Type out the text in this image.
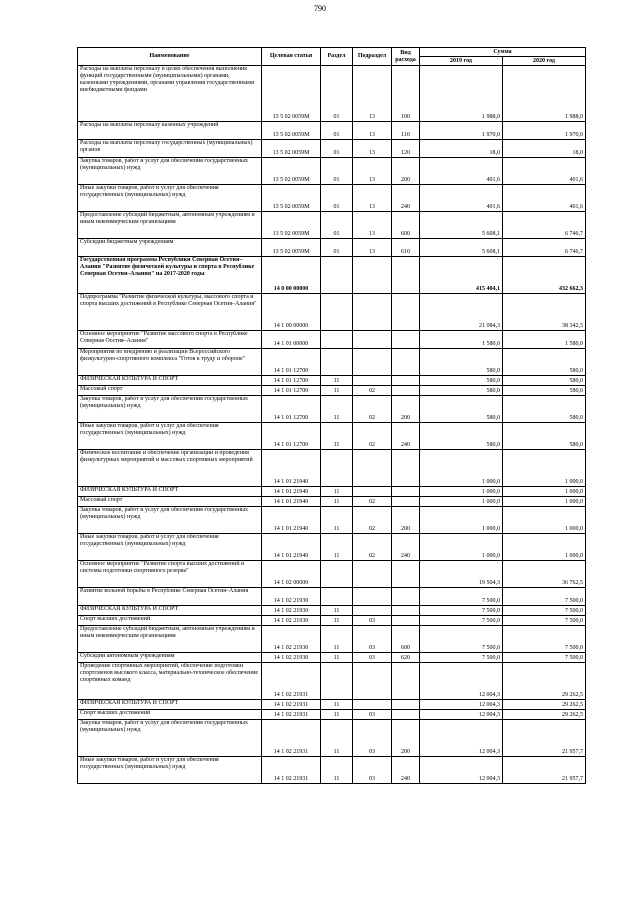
790
Наименование	Целевая статья	Раздел	Подраздел	Вид расхода	Сумма	
					2019 год	2020 год
Расходы на выплаты персоналу в целях обеспечения выполнения функций государственными (муниципальными) органами, казенными учреждениями, органами управления государственными внебюджетными фондами	13 5 02 0059М	01	13	100	1 988,0	1 988,0
Расходы на выплаты персоналу казенных учреждений	13 5 02 0059М	01	13	110	1 970,0	1 970,0
Расходы на выплаты персоналу государственных (муниципальных) органов	13 5 02 0059М	01	13	120	18,0	18,0
Закупка товаров, работ и услуг для обеспечения государственных (муниципальных) нужд	13 5 02 0059М	01	13	200	401,6	401,6
Иные закупки товаров, работ и услуг для обеспечения государственных (муниципальных) нужд	13 5 02 0059М	01	13	240	401,6	401,6
Предоставление субсидий бюджетным, автономным учреждениям и иным некоммерческим организациям	13 5 02 0059М	01	13	600	5 608,1	6 746,7
Субсидии бюджетным учреждениям	13 5 02 0059М	01	13	610	5 608,1	6 746,7
Государственная программа Республики Северная Осетия–Алания "Развитие физической культуры и спорта в Республике Северная Осетия–Алания" на 2017-2020 годы	14 0 00 00000				415 404,1	432 662,3
Подпрограмма "Развитие физической культуры, массового спорта и спорта высших достижений в Республике Северная Осетия–Алания"	14 1 00 00000				21 084,3	38 342,5
Основное мероприятие "Развитие массового спорта в Республике Северная Осетия–Алания"	14 1 01 00000				1 580,0	1 580,0
Мероприятия по внедрению и реализации Всероссийского физкультурно-спортивного комплекса "Готов к труду и обороне"	14 1 01 12700				580,0	580,0
ФИЗИЧЕСКАЯ КУЛЬТУРА И СПОРТ	14 1 01 12700	11			580,0	580,0
Массовый спорт	14 1 01 12700	11	02		580,0	580,0
Закупка товаров, работ и услуг для обеспечения государственных (муниципальных) нужд	14 1 01 12700	11	02	200	580,0	580,0
Иные закупки товаров, работ и услуг для обеспечения государственных (муниципальных) нужд	14 1 01 12700	11	02	240	580,0	580,0
Физическое воспитание и обеспечение организации и проведения физкультурных мероприятий и массовых спортивных мероприятий	14 1 01 21940				1 000,0	1 000,0
ФИЗИЧЕСКАЯ КУЛЬТУРА И СПОРТ	14 1 01 21940	11			1 000,0	1 000,0
Массовый спорт	14 1 01 21940	11	02		1 000,0	1 000,0
Закупка товаров, работ и услуг для обеспечения государственных (муниципальных) нужд	14 1 01 21940	11	02	200	1 000,0	1 000,0
Иные закупки товаров, работ и услуг для обеспечения государственных (муниципальных) нужд	14 1 01 21940	11	02	240	1 000,0	1 000,0
Основное мероприятие "Развитие спорта высших достижений и системы подготовки спортивного резерва"	14 1 02 00000				19 504,3	36 762,5
Развитие вольной борьбы в Республике Северная Осетия–Алания	14 1 02 21930				7 500,0	7 500,0
ФИЗИЧЕСКАЯ КУЛЬТУРА И СПОРТ	14 1 02 21930	11			7 500,0	7 500,0
Спорт высших достижений	14 1 02 21930	11	03		7 500,0	7 500,0
Предоставление субсидий бюджетным, автономным учреждениям и иным некоммерческим организациям	14 1 02 21930	11	03	600	7 500,0	7 500,0
Субсидии автономным учреждениям	14 1 02 21930	11	03	620	7 500,0	7 500,0
Проведение спортивных мероприятий, обеспечение подготовки спортсменов высокого класса, материально-техническое обеспечение спортивных команд	14 1 02 21931				12 004,3	29 262,5
ФИЗИЧЕСКАЯ КУЛЬТУРА И СПОРТ	14 1 02 21931	11			12 004,3	29 262,5
Спорт высших достижений	14 1 02 21931	11	03		12 004,3	29 262,5
Закупка товаров, работ и услуг для обеспечения государственных (муниципальных) нужд	14 1 02 21931	11	03	200	12 004,3	21 957,7
Иные закупки товаров, работ и услуг для обеспечения государственных (муниципальных) нужд	14 1 02 21931	11	03	240	12 004,3	21 957,7
